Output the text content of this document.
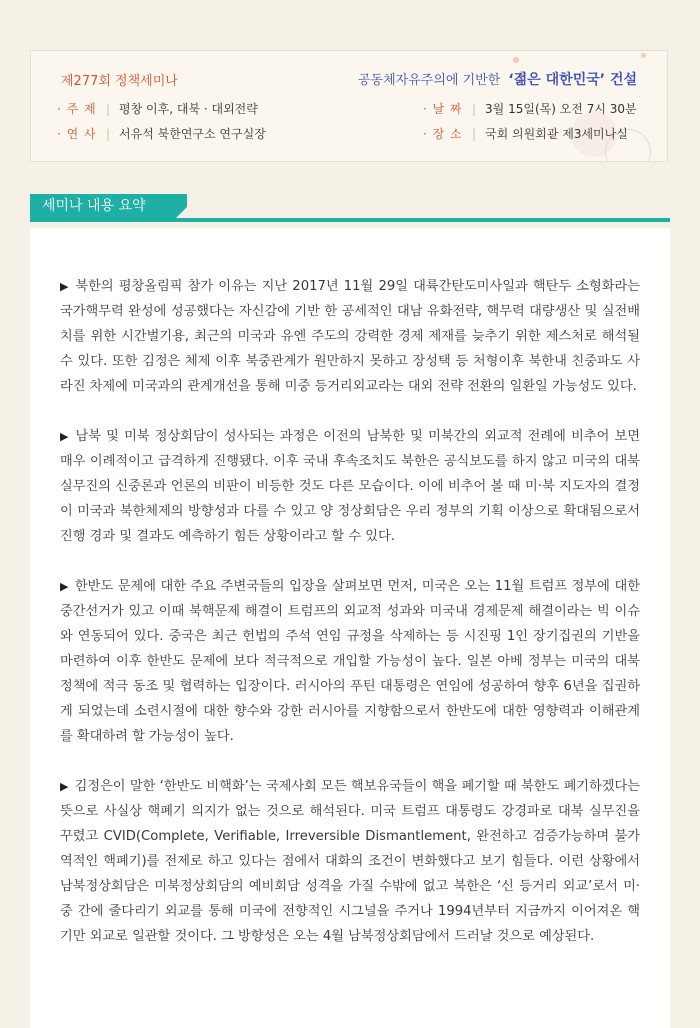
제277회 정책세미나	공동체자유주의에 기반한 ‘젊은 대한민국’ 건설
· 주 제 | 평창 이후, 대북 · 대외전략
· 연 사 | 서유석 북한연구소 연구실장
· 날 짜 | 3월 15일(목) 오전 7시 30분
· 장 소 | 국회 의원회관 제3세미나실
세미나 내용 요약

▶ 북한의 평창올림픽 참가 이유는 지난 2017년 11월 29일 대륙간탄도미사일과 핵탄두 소형화라는 국가핵무력 완성에 성공했다는 자신감에 기반 한 공세적인 대남 유화전략, 핵무력 대량생산 및 실전배치를 위한 시간벌기용, 최근의 미국과 유엔 주도의 강력한 경제 제재를 늦추기 위한 제스처로 해석될 수 있다. 또한 김정은 체제 이후 북중관계가 원만하지 못하고 장성택 등 처형이후 북한내 친중파도 사라진 차제에 미국과의 관계개선을 통해 미중 등거리외교라는 대외 전략 전환의 일환일 가능성도 있다.

▶ 남북 및 미북 정상회담이 성사되는 과정은 이전의 남북한 및 미북간의 외교적 전례에 비추어 보면 매우 이례적이고 급격하게 진행됐다. 이후 국내 후속조치도 북한은 공식보도를 하지 않고 미국의 대북실무진의 신중론과 언론의 비판이 비등한 것도 다른 모습이다. 이에 비추어 볼 때 미·북 지도자의 결정이 미국과 북한체제의 방향성과 다를 수 있고 양 정상회담은 우리 정부의 기획 이상으로 확대됨으로서 진행 경과 및 결과도 예측하기 힘든 상황이라고 할 수 있다.

▶ 한반도 문제에 대한 주요 주변국들의 입장을 살펴보면 먼저, 미국은 오는 11월 트럼프 정부에 대한 중간선거가 있고 이때 북핵문제 해결이 트럼프의 외교적 성과와 미국내 경제문제 해결이라는 빅 이슈와 연동되어 있다. 중국은 최근 헌법의 주석 연임 규정을 삭제하는 등 시진핑 1인 장기집권의 기반을 마련하여 이후 한반도 문제에 보다 적극적으로 개입할 가능성이 높다. 일본 아베 정부는 미국의 대북정책에 적극 동조 및 협력하는 입장이다. 러시아의 푸틴 대통령은 연임에 성공하여 향후 6년을 집권하게 되었는데 소련시절에 대한 향수와 강한 러시아를 지향함으로서 한반도에 대한 영향력과 이해관계를 확대하려 할 가능성이 높다.

▶ 김정은이 말한 ‘한반도 비핵화’는 국제사회 모든 핵보유국들이 핵을 폐기할 때 북한도 폐기하겠다는 뜻으로 사실상 핵폐기 의지가 없는 것으로 해석된다. 미국 트럼프 대통령도 강경파로 대북 실무진을 꾸렸고 CVID(Complete, Verifiable, Irreversible Dismantlement, 완전하고 검증가능하며 불가역적인 핵폐기)를 전제로 하고 있다는 점에서 대화의 조건이 변화했다고 보기 힘들다. 이런 상황에서 남북정상회담은 미북정상회담의 예비회담 성격을 가질 수밖에 없고 북한은 ‘신 등거리 외교’로서 미·중 간에 줄다리기 외교를 통해 미국에 전향적인 시그널을 주거나 1994년부터 지금까지 이어져온 핵 기만 외교로 일관할 것이다. 그 방향성은 오는 4월 남북정상회담에서 드러날 것으로 예상된다.
